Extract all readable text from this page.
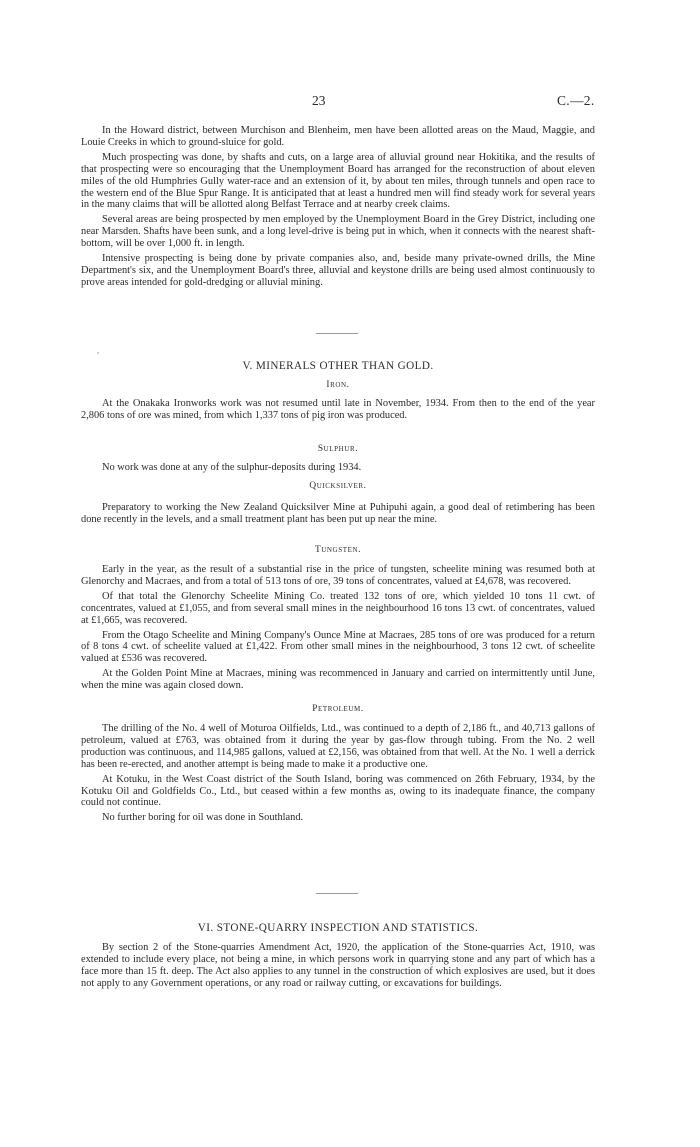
23	C.—2.

In the Howard district, between Murchison and Blenheim, men have been allotted areas on the Maud, Maggie, and Louie Creeks in which to ground-sluice for gold.

Much prospecting was done, by shafts and cuts, on a large area of alluvial ground near Hokitika, and the results of that prospecting were so encouraging that the Unemployment Board has arranged for the reconstruction of about eleven miles of the old Humphries Gully water-race and an extension of it, by about ten miles, through tunnels and open race to the western end of the Blue Spur Range. It is anticipated that at least a hundred men will find steady work for several years in the many claims that will be allotted along Belfast Terrace and at nearby creek claims.

Several areas are being prospected by men employed by the Unemployment Board in the Grey District, including one near Marsden. Shafts have been sunk, and a long level-drive is being put in which, when it connects with the nearest shaft-bottom, will be over 1,000 ft. in length.

Intensive prospecting is being done by private companies also, and, beside many private-owned drills, the Mine Department's six, and the Unemployment Board's three, alluvial and keystone drills are being used almost continuously to prove areas intended for gold-dredging or alluvial mining.

V. MINERALS OTHER THAN GOLD.
Iron.

At the Onakaka Ironworks work was not resumed until late in November, 1934. From then to the end of the year 2,806 tons of ore was mined, from which 1,337 tons of pig iron was produced.

Sulphur.

No work was done at any of the sulphur-deposits during 1934.

Quicksilver.

Preparatory to working the New Zealand Quicksilver Mine at Puhipuhi again, a good deal of retimbering has been done recently in the levels, and a small treatment plant has been put up near the mine.

Tungsten.

Early in the year, as the result of a substantial rise in the price of tungsten, scheelite mining was resumed both at Glenorchy and Macraes, and from a total of 513 tons of ore, 39 tons of concentrates, valued at £4,678, was recovered.

Of that total the Glenorchy Scheelite Mining Co. treated 132 tons of ore, which yielded 10 tons 11 cwt. of concentrates, valued at £1,055, and from several small mines in the neighbourhood 16 tons 13 cwt. of concentrates, valued at £1,665, was recovered.

From the Otago Scheelite and Mining Company's Ounce Mine at Macraes, 285 tons of ore was produced for a return of 8 tons 4 cwt. of scheelite valued at £1,422. From other small mines in the neighbourhood, 3 tons 12 cwt. of scheelite valued at £536 was recovered.

At the Golden Point Mine at Macraes, mining was recommenced in January and carried on intermittently until June, when the mine was again closed down.

Petroleum.

The drilling of the No. 4 well of Moturoa Oilfields, Ltd., was continued to a depth of 2,186 ft., and 40,713 gallons of petroleum, valued at £763, was obtained from it during the year by gas-flow through tubing. From the No. 2 well production was continuous, and 114,985 gallons, valued at £2,156, was obtained from that well. At the No. 1 well a derrick has been re-erected, and another attempt is being made to make it a productive one.

At Kotuku, in the West Coast district of the South Island, boring was commenced on 26th February, 1934, by the Kotuku Oil and Goldfields Co., Ltd., but ceased within a few months as, owing to its inadequate finance, the company could not continue.

No further boring for oil was done in Southland.

VI. STONE-QUARRY INSPECTION AND STATISTICS.

By section 2 of the Stone-quarries Amendment Act, 1920, the application of the Stone-quarries Act, 1910, was extended to include every place, not being a mine, in which persons work in quarrying stone and any part of which has a face more than 15 ft. deep. The Act also applies to any tunnel in the construction of which explosives are used, but it does not apply to any Government operations, or any road or railway cutting, or excavations for buildings.
